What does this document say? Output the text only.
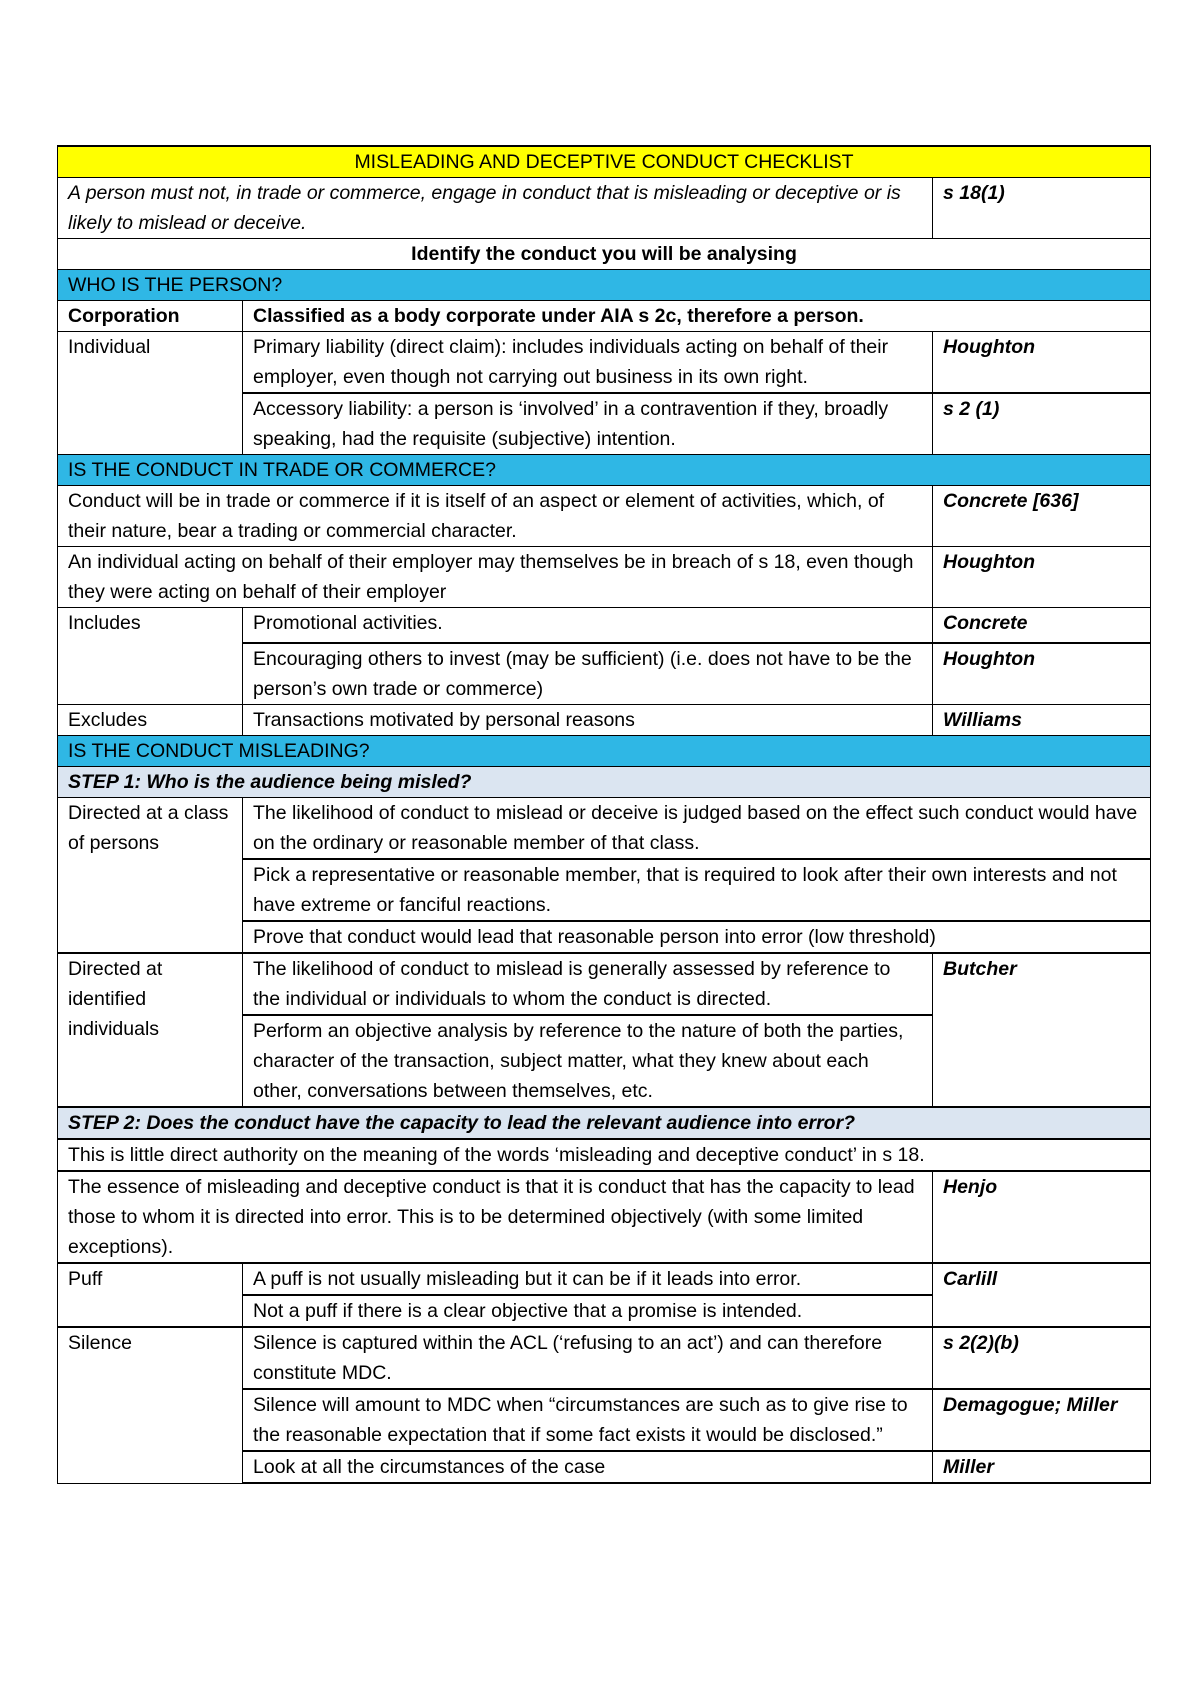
MISLEADING AND DECEPTIVE CONDUCT CHECKLIST		
A person must not, in trade or commerce, engage in conduct that is misleading or deceptive or is likely to mislead or deceive.		s 18(1)
Identify the conduct you will be analysing		
WHO IS THE PERSON?		
Corporation	Classified as a body corporate under AIA s 2c, therefore a person.	
Individual	Primary liability (direct claim): includes individuals acting on behalf of their employer, even though not carrying out business in its own right.	Houghton
	Accessory liability: a person is ‘involved’ in a contravention if they, broadly speaking, had the requisite (subjective) intention.	s 2 (1)
IS THE CONDUCT IN TRADE OR COMMERCE?		
Conduct will be in trade or commerce if it is itself of an aspect or element of activities, which, of their nature, bear a trading or commercial character.		Concrete [636]
An individual acting on behalf of their employer may themselves be in breach of s 18, even though they were acting on behalf of their employer		Houghton
Includes	Promotional activities.	Concrete
	Encouraging others to invest (may be sufficient) (i.e. does not have to be the person’s own trade or commerce)	Houghton
Excludes	Transactions motivated by personal reasons	Williams
IS THE CONDUCT MISLEADING?		
STEP 1: Who is the audience being misled?		
Directed at a class of persons	The likelihood of conduct to mislead or deceive is judged based on the effect such conduct would have on the ordinary or reasonable member of that class.	
	Pick a representative or reasonable member, that is required to look after their own interests and not have extreme or fanciful reactions.	
	Prove that conduct would lead that reasonable person into error (low threshold)	
Directed at identified individuals	The likelihood of conduct to mislead is generally assessed by reference to the individual or individuals to whom the conduct is directed.	Butcher
	Perform an objective analysis by reference to the nature of both the parties, character of the transaction, subject matter, what they knew about each other, conversations between themselves, etc.	
STEP 2: Does the conduct have the capacity to lead the relevant audience into error?		
This is little direct authority on the meaning of the words ‘misleading and deceptive conduct’ in s 18.		
The essence of misleading and deceptive conduct is that it is conduct that has the capacity to lead those to whom it is directed into error. This is to be determined objectively (with some limited exceptions).		Henjo
Puff	A puff is not usually misleading but it can be if it leads into error.	Carlill
	Not a puff if there is a clear objective that a promise is intended.	
Silence	Silence is captured within the ACL (‘refusing to an act’) and can therefore constitute MDC.	s 2(2)(b)
	Silence will amount to MDC when “circumstances are such as to give rise to the reasonable expectation that if some fact exists it would be disclosed.”	Demagogue; Miller
	Look at all the circumstances of the case	Miller
